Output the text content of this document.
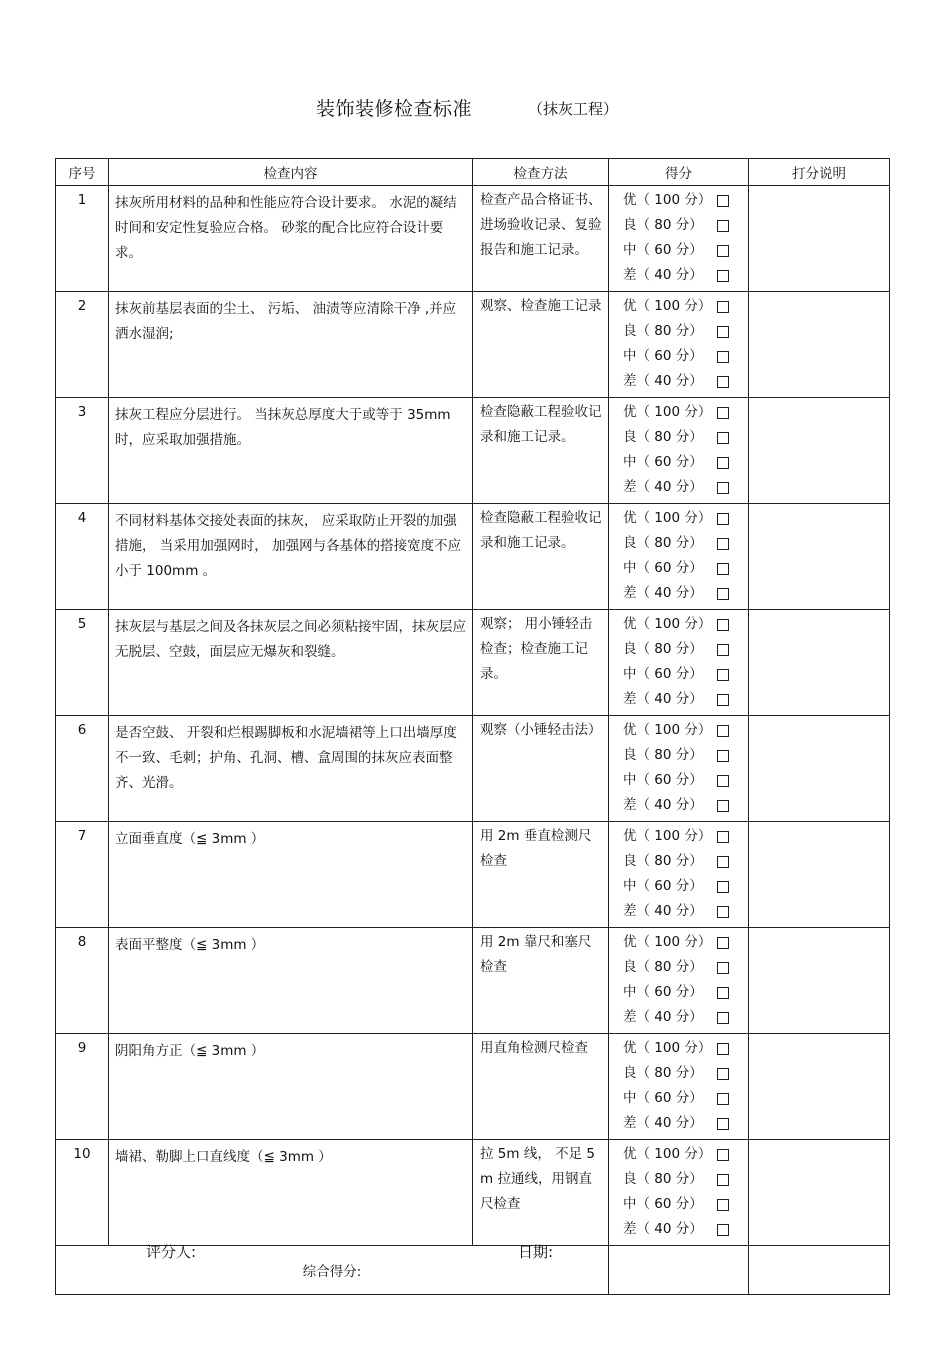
装饰装修检查标准	（抹灰工程）
序号	检查内容	检查方法	得分	打分说明
1	抹灰所用材料的品种和性能应符合设计要求。 水泥的凝结时间和安定性复验应合格。 砂浆的配合比应符合设计要求。	检查产品合格证书、进场验收记录、复验报告和施工记录。	优（ 100 分）
良（ 80 分）
中（ 60 分）
差（ 40 分）	

2	抹灰前基层表面的尘土、 污垢、 油渍等应清除干净 ,并应洒水湿润;	观察、检查施工记录	优（ 100 分）
良（ 80 分）
中（ 60 分）
差（ 40 分）	

3	抹灰工程应分层进行。 当抹灰总厚度大于或等于 35mm 时，应采取加强措施。	检查隐蔽工程验收记录和施工记录。	优（ 100 分）
良（ 80 分）
中（ 60 分）
差（ 40 分）	

4	不同材料基体交接处表面的抹灰， 应采取防止开裂的加强措施， 当采用加强网时， 加强网与各基体的搭接宽度不应小于 100mm 。	检查隐蔽工程验收记录和施工记录。	优（ 100 分）
良（ 80 分）
中（ 60 分）
差（ 40 分）	

5	抹灰层与基层之间及各抹灰层之间必须粘接牢固，抹灰层应无脱层、空鼓，面层应无爆灰和裂缝。	观察； 用小锤轻击检查；检查施工记录。	优（ 100 分）
良（ 80 分）
中（ 60 分）
差（ 40 分）	

6	是否空鼓、 开裂和烂根踢脚板和水泥墙裙等上口出墙厚度不一致、毛刺；护角、孔洞、槽、盒周围的抹灰应表面整齐、光滑。	观察（小锤轻击法）	优（ 100 分）
良（ 80 分）
中（ 60 分）
差（ 40 分）	

7	立面垂直度（≦ 3mm ）	用 2m 垂直检测尺检查	优（ 100 分）
良（ 80 分）
中（ 60 分）
差（ 40 分）	

8	表面平整度（≦ 3mm ）	用 2m 靠尺和塞尺检查	优（ 100 分）
良（ 80 分）
中（ 60 分）
差（ 40 分）	

9	阴阳角方正（≦ 3mm ）	用直角检测尺检查	优（ 100 分）
良（ 80 分）
中（ 60 分）
差（ 40 分）	

10	墙裙、勒脚上口直线度（≦ 3mm ）	拉 5m 线， 不足 5m 拉通线，用钢直尺检查	优（ 100 分）
良（ 80 分）
中（ 60 分）
差（ 40 分）	

综合得分:				
评分人:	日期:
